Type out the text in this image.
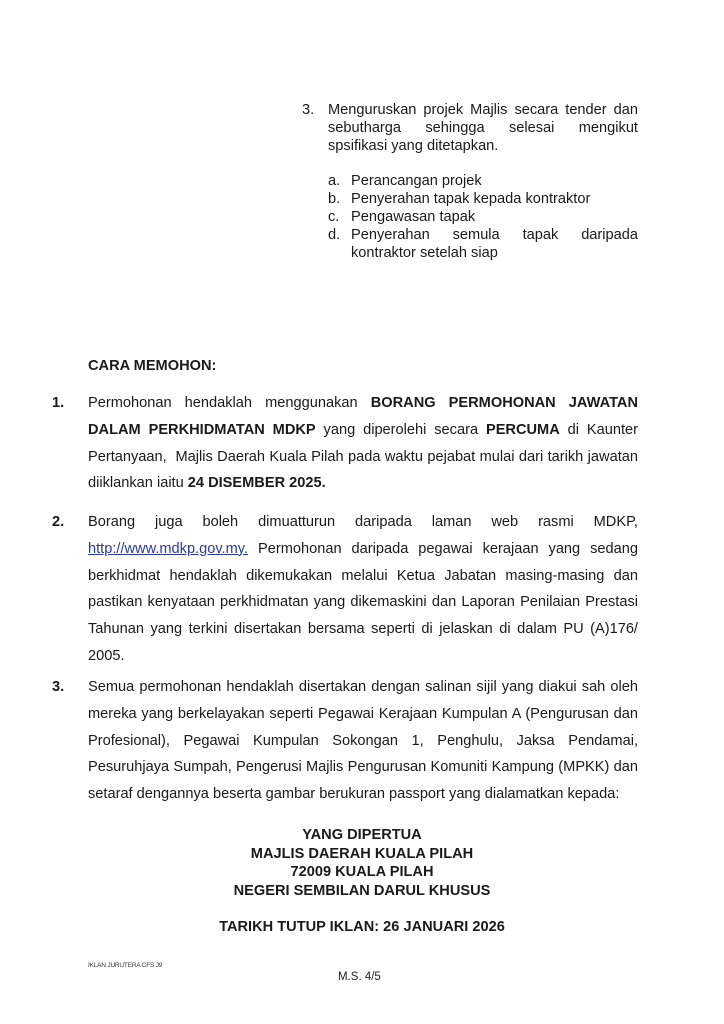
3. Menguruskan projek Majlis secara tender dan
sebutharga sehingga selesai mengikut
spsifikasi yang ditetapkan.
a. Perancangan projek
b. Penyerahan tapak kepada kontraktor
c. Pengawasan tapak
d. Penyerahan semula tapak daripada
kontraktor setelah siap
CARA MEMOHON:
1. Permohonan hendaklah menggunakan BORANG PERMOHONAN JAWATAN
DALAM PERKHIDMATAN MDKP yang diperolehi secara PERCUMA di Kaunter
Pertanyaan,  Majlis Daerah Kuala Pilah pada waktu pejabat mulai dari tarikh jawatan
diiklankan iaitu 24 DISEMBER 2025.
2. Borang juga boleh dimuatturun daripada laman web rasmi MDKP,
http://www.mdkp.gov.my. Permohonan daripada pegawai kerajaan yang sedang
berkhidmat hendaklah dikemukakan melalui Ketua Jabatan masing-masing dan
pastikan kenyataan perkhidmatan yang dikemaskini dan Laporan Penilaian Prestasi
Tahunan yang terkini disertakan bersama seperti di jelaskan di dalam PU (A)176/
2005.
3. Semua permohonan hendaklah disertakan dengan salinan sijil yang diakui sah oleh
mereka yang berkelayakan seperti Pegawai Kerajaan Kumpulan A (Pengurusan dan
Profesional), Pegawai Kumpulan Sokongan 1, Penghulu, Jaksa Pendamai,
Pesuruhjaya Sumpah, Pengerusi Majlis Pengurusan Komuniti Kampung (MPKK) dan
setaraf dengannya beserta gambar berukuran passport yang dialamatkan kepada:
YANG DIPERTUA
MAJLIS DAERAH KUALA PILAH
72009 KUALA PILAH
NEGERI SEMBILAN DARUL KHUSUS
TARIKH TUTUP IKLAN: 26 JANUARI 2026
IKLAN JURUTERA CFS J9
M.S. 4/5
